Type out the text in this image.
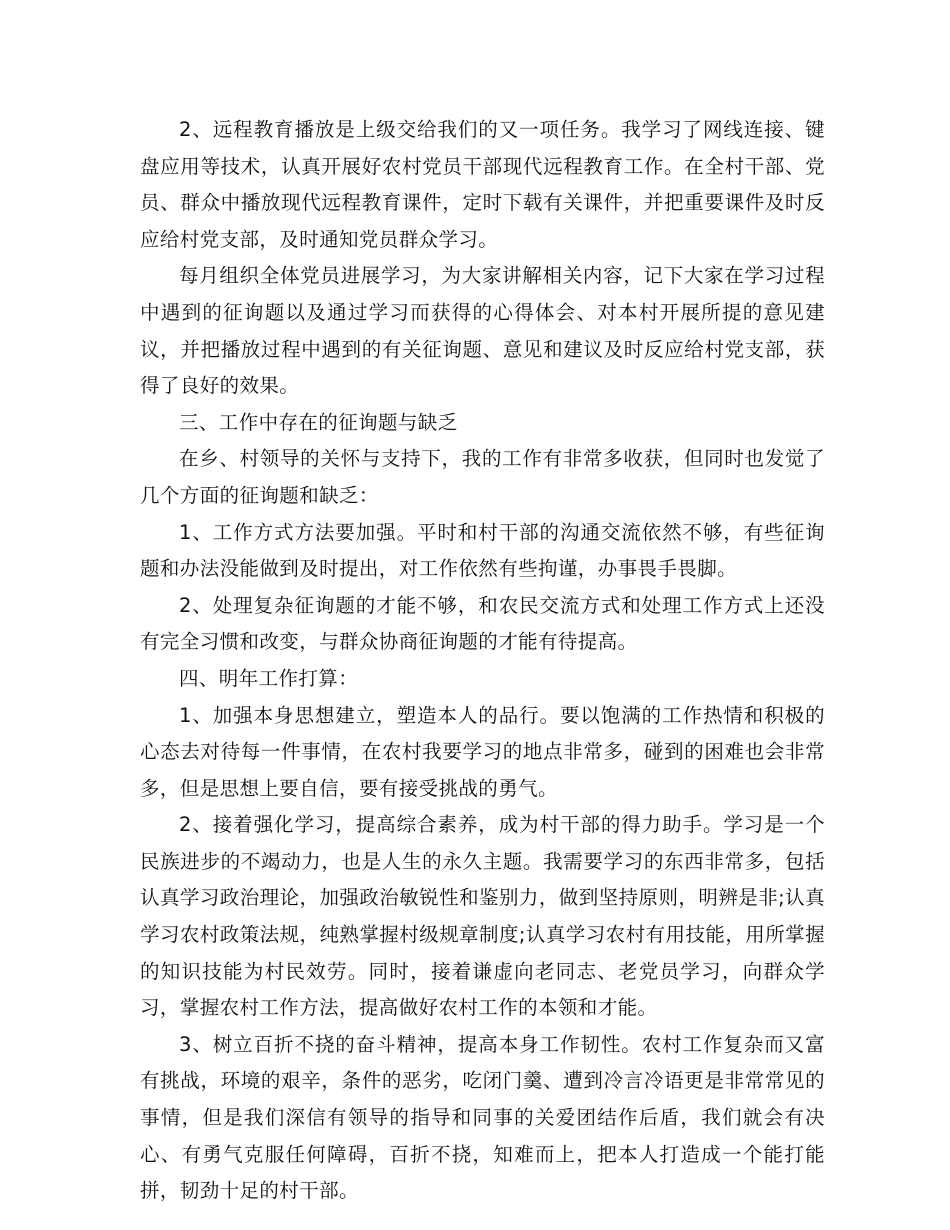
2、远程教育播放是上级交给我们的又一项任务。我学习了网线连接、键盘应用等技术，认真开展好农村党员干部现代远程教育工作。在全村干部、党员、群众中播放现代远程教育课件，定时下载有关课件，并把重要课件及时反应给村党支部，及时通知党员群众学习。

每月组织全体党员进展学习，为大家讲解相关内容，记下大家在学习过程中遇到的征询题以及通过学习而获得的心得体会、对本村开展所提的意见建议，并把播放过程中遇到的有关征询题、意见和建议及时反应给村党支部，获得了良好的效果。

三、工作中存在的征询题与缺乏

在乡、村领导的关怀与支持下，我的工作有非常多收获，但同时也发觉了几个方面的征询题和缺乏：

1、工作方式方法要加强。平时和村干部的沟通交流依然不够，有些征询题和办法没能做到及时提出，对工作依然有些拘谨，办事畏手畏脚。

2、处理复杂征询题的才能不够，和农民交流方式和处理工作方式上还没有完全习惯和改变，与群众协商征询题的才能有待提高。

四、明年工作打算：

1、加强本身思想建立，塑造本人的品行。要以饱满的工作热情和积极的心态去对待每一件事情，在农村我要学习的地点非常多，碰到的困难也会非常多，但是思想上要自信，要有接受挑战的勇气。

2、接着强化学习，提高综合素养，成为村干部的得力助手。学习是一个民族进步的不竭动力，也是人生的永久主题。我需要学习的东西非常多，包括认真学习政治理论，加强政治敏锐性和鉴别力，做到坚持原则，明辨是非;认真学习农村政策法规，纯熟掌握村级规章制度;认真学习农村有用技能，用所掌握的知识技能为村民效劳。同时，接着谦虚向老同志、老党员学习，向群众学习，掌握农村工作方法，提高做好农村工作的本领和才能。

3、树立百折不挠的奋斗精神，提高本身工作韧性。农村工作复杂而又富有挑战，环境的艰辛，条件的恶劣，吃闭门羹、遭到冷言冷语更是非常常见的事情，但是我们深信有领导的指导和同事的关爱团结作后盾，我们就会有决心、有勇气克服任何障碍，百折不挠，知难而上，把本人打造成一个能打能拼，韧劲十足的村干部。
